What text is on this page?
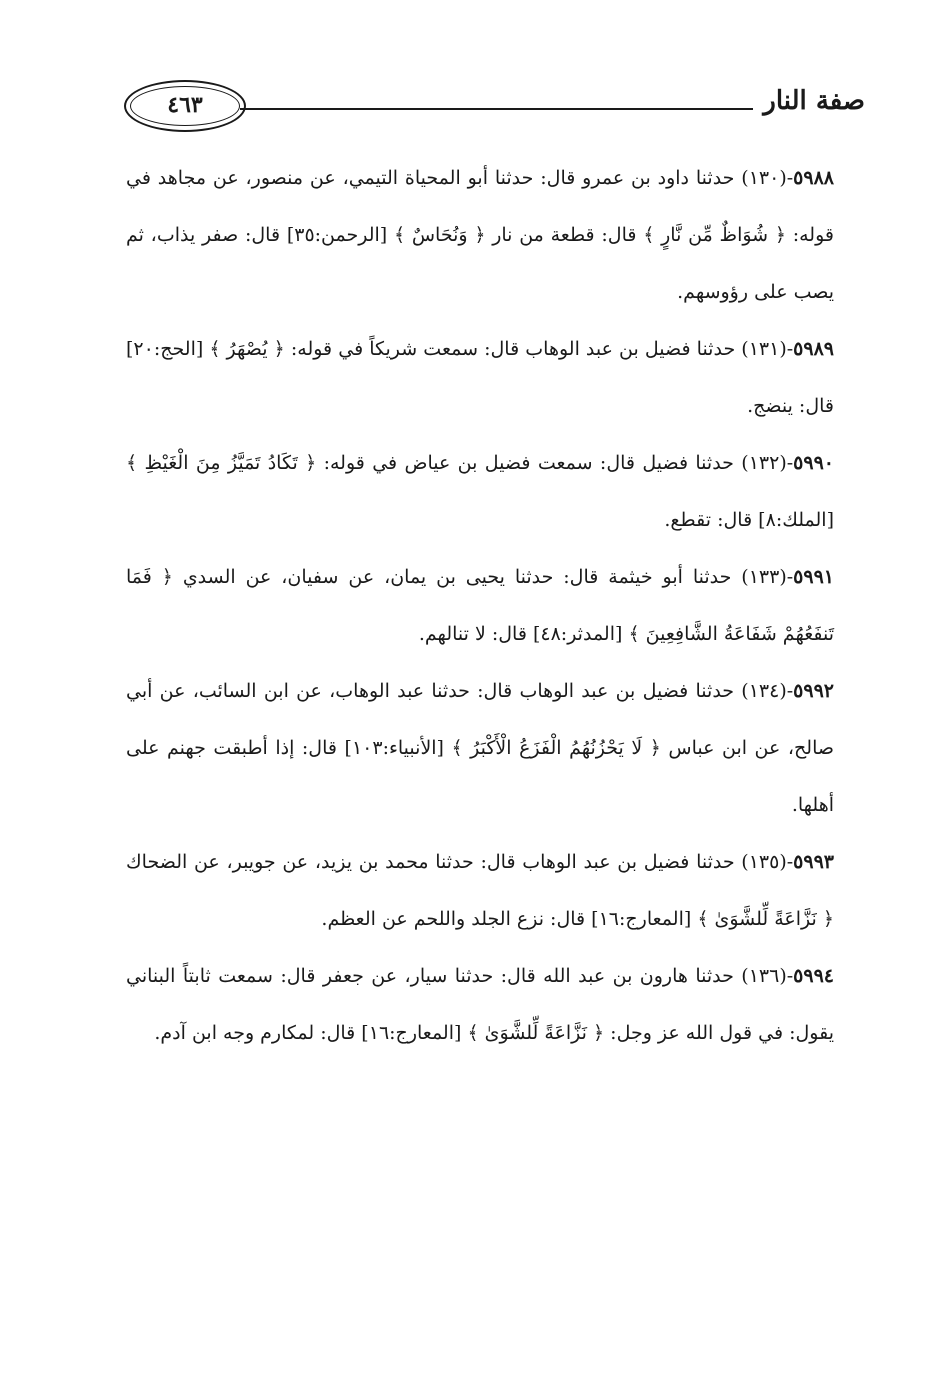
٤٦٣	صفة النار

٥٩٨٨-(١٣٠) حدثنا داود بن عمرو قال: حدثنا أبو المحياة التيمي، عن منصور، عن مجاهد في قوله: ﴿ شُوَاظٌ مِّن نَّارٍ ﴾ قال: قطعة من نار ﴿ وَنُحَاسٌ ﴾ [الرحمن:٣٥] قال: صفر يذاب، ثم يصب على رؤوسهم.

٥٩٨٩-(١٣١) حدثنا فضيل بن عبد الوهاب قال: سمعت شريكاً في قوله: ﴿ يُصْهَرُ ﴾ [الحج:٢٠] قال: ينضج.

٥٩٩٠-(١٣٢) حدثنا فضيل قال: سمعت فضيل بن عياض في قوله: ﴿ تَكَادُ تَمَيَّزُ مِنَ الْغَيْظِ ﴾ [الملك:٨] قال: تقطع.

٥٩٩١-(١٣٣) حدثنا أبو خيثمة قال: حدثنا يحيى بن يمان، عن سفيان، عن السدي ﴿ فَمَا تَنفَعُهُمْ شَفَاعَةُ الشَّافِعِينَ ﴾ [المدثر:٤٨] قال: لا تنالهم.

٥٩٩٢-(١٣٤) حدثنا فضيل بن عبد الوهاب قال: حدثنا عبد الوهاب، عن ابن السائب، عن أبي صالح، عن ابن عباس ﴿ لَا يَحْزُنُهُمُ الْفَزَعُ الْأَكْبَرُ ﴾ [الأنبياء:١٠٣] قال: إذا أطبقت جهنم على أهلها.

٥٩٩٣-(١٣٥) حدثنا فضيل بن عبد الوهاب قال: حدثنا محمد بن يزيد، عن جويبر، عن الضحاك ﴿ نَزَّاعَةً لِّلشَّوَىٰ ﴾ [المعارج:١٦] قال: نزع الجلد واللحم عن العظم.

٥٩٩٤-(١٣٦) حدثنا هارون بن عبد الله قال: حدثنا سيار، عن جعفر قال: سمعت ثابتاً البناني يقول: في قول الله عز وجل: ﴿ نَزَّاعَةً لِّلشَّوَىٰ ﴾ [المعارج:١٦] قال: لمكارم وجه ابن آدم.
